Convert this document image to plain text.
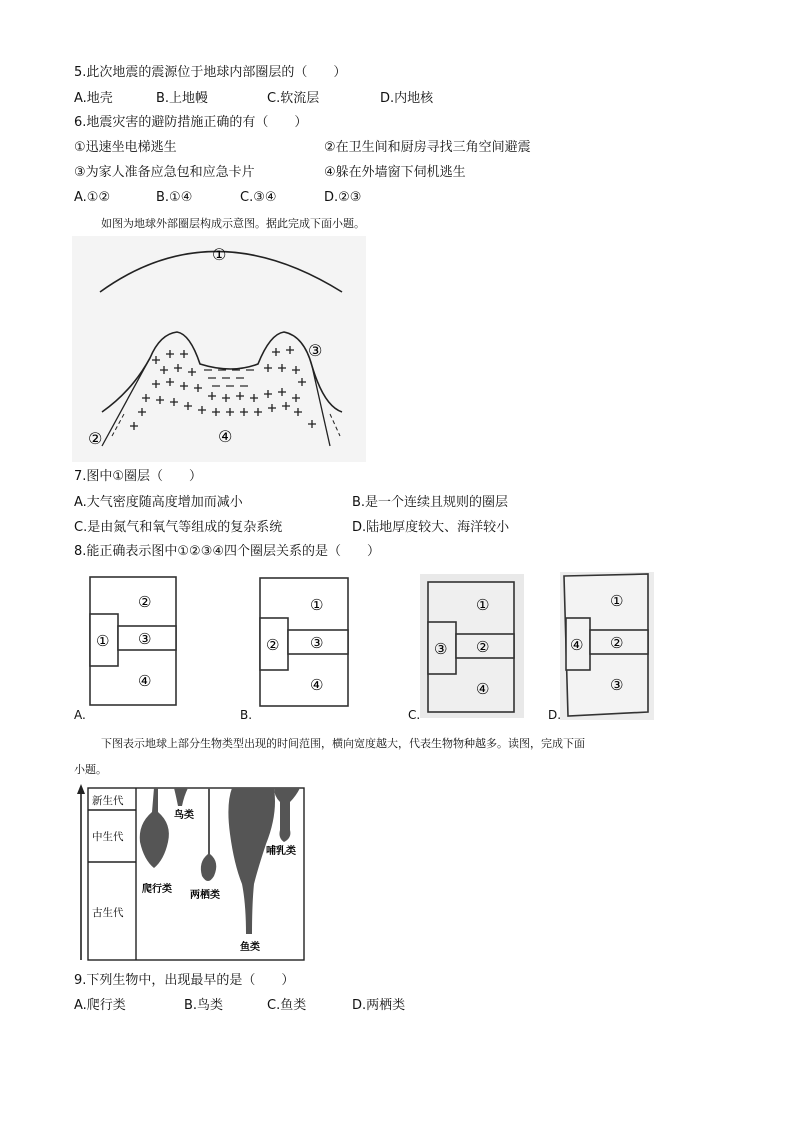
5.此次地震的震源位于地球内部圈层的（　　）
A.地壳	B.上地幔	C.软流层	D.内地核
6.地震灾害的避防措施正确的有（　　）
①迅速坐电梯逃生	②在卫生间和厨房寻找三角空间避震
③为家人准备应急包和应急卡片	④躲在外墙窗下伺机逃生
A.①②	B.①④	C.③④	D.②③
如图为地球外部圈层构成示意图。据此完成下面小题。
①
③
②	④
7.图中①圈层（　　）
A.大气密度随高度增加而减小	B.是一个连续且规则的圈层
C.是由氮气和氧气等组成的复杂系统	D.陆地厚度较大、海洋较小
8.能正确表示图中①②③④四个圈层关系的是（　　）
②
① ③
④
A.
①
② ③
④
B.
①
③ ②
④
C.
①
④ ②
③
D.
下图表示地球上部分生物类型出现的时间范围，横向宽度越大，代表生物物种越多。读图，完成下面
小题。
新生代
中生代
古生代
鸟类
哺乳类
爬行类
两栖类
鱼类
9.下列生物中，出现最早的是（　　）
A.爬行类	B.鸟类	C.鱼类	D.两栖类
